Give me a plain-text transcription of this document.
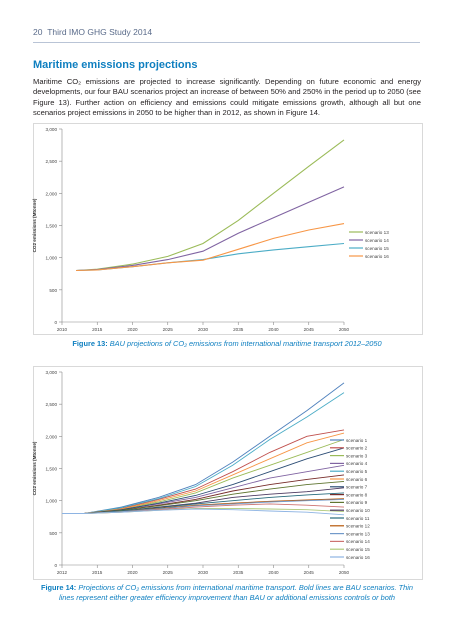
20 Third IMO GHG Study 2014
Maritime emissions projections
Maritime CO₂ emissions are projected to increase significantly. Depending on future economic and energy developments, our four BAU scenarios project an increase of between 50% and 250% in the period up to 2050 (see Figure 13). Further action on efficiency and emissions could mitigate emissions growth, although all but one scenarios project emissions in 2050 to be higher than in 2012, as shown in Figure 14.
0
500
1,000
1,500
2,000
2,500
3,000
2010	2015	2020	2025	2030	2035	2040	2045	2050
CO2 emissions (Mtonne)	scenario 13
scenario 14
scenario 15
scenario 16
Figure 13: BAU projections of CO₂ emissions from international maritime transport 2012–2050
0
500
1,000
1,500
2,000
2,500
3,000
2012	2015	2020	2025	2030	2035	2040	2045	2050
CO2 emissions (Mtonne)
scenario 1
scenario 2
scenario 3
scenario 4
scenario 5
scenario 6
scenario 7
scenario 8
scenario 9
scenario 10
scenario 11
scenario 12
scenario 13
scenario 14
scenario 15
scenario 16
Figure 14: Projections of CO₂ emissions from international maritime transport. Bold lines are BAU scenarios. Thin lines represent either greater efficiency improvement than BAU or additional emissions controls or both
